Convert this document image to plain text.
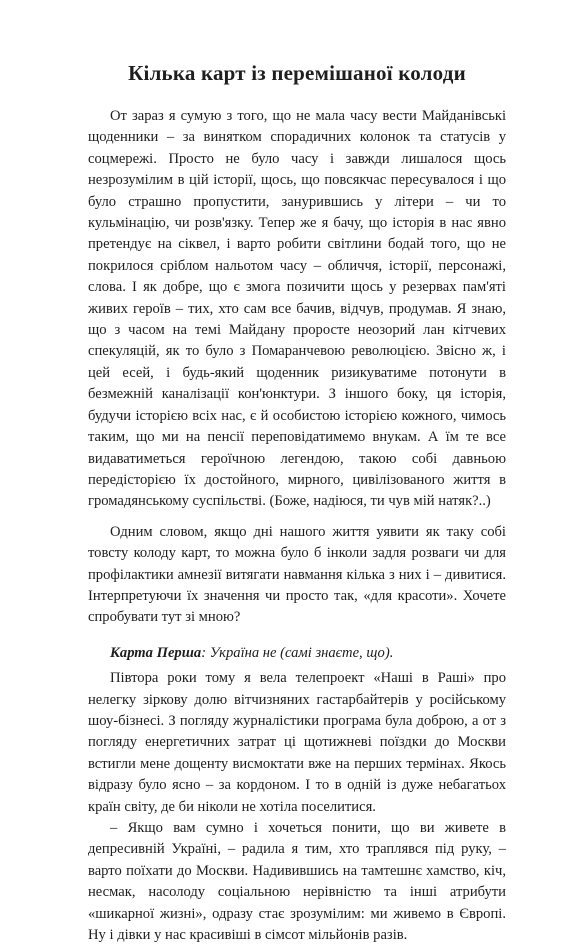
Кілька карт із перемішаної колоди

От зараз я сумую з того, що не мала часу вести Майданівські щоденники – за винятком спорадичних колонок та статусів у соцмережі. Просто не було часу і завжди лишалося щось незрозумілим в цій історії, щось, що повсякчас пересувалося і що було страшно пропустити, занурившись у літери – чи то кульмінацію, чи розв'язку. Тепер же я бачу, що історія в нас явно претендує на сіквел, і варто робити світлини бодай того, що не покрилося сріблом нальотом часу – обличчя, історії, персонажі, слова. І як добре, що є змога позичити щось у резервах пам'яті живих героїв – тих, хто сам все бачив, відчув, продумав. Я знаю, що з часом на темі Майдану проросте неозорий лан кітчевих спекуляцій, як то було з Помаранчевою революцією. Звісно ж, і цей есей, і будь-який щоденник ризикуватиме потонути в безмежній каналізації кон'юнктури. З іншого боку, ця історія, будучи історією всіх нас, є й особистою історією кожного, чимось таким, що ми на пенсії переповідатимемо внукам. А їм те все видаватиметься героїчною легендою, такою собі давньою передісторією їх достойного, мирного, цивілізованого життя в громадянському суспільстві. (Боже, надіюся, ти чув мій натяк?..)

Одним словом, якщо дні нашого життя уявити як таку собі товсту колоду карт, то можна було б інколи задля розваги чи для профілактики амнезії витягати навмання кілька з них і – дивитися. Інтерпретуючи їх значення чи просто так, «для красоти». Хочете спробувати тут зі мною?

Карта Перша: Україна не (самі знаєте, що).

Півтора роки тому я вела телепроект «Наші в Раші» про нелегку зіркову долю вітчизняних гастарбайтерів у російському шоу-бізнесі. З погляду журналістики програма була доброю, а от з погляду енергетичних затрат ці щотижневі поїздки до Москви встигли мене дощенту висмоктати вже на перших термінах. Якось відразу було ясно – за кордоном. І то в одній із дуже небагатьох країн світу, де би ніколи не хотіла поселитися.

– Якщо вам сумно і хочеться понити, що ви живете в депресивній Україні, – радила я тим, хто траплявся під руку, – варто поїхати до Москви. Надивившись на тамтешнє хамство, кіч, несмак, насолоду соціальною нерівністю та інші атрибути «шикарної жизні», одразу стає зрозумілим: ми живемо в Європі. Ну і дівки у нас красивіші в сімсот мільйонів разів.
